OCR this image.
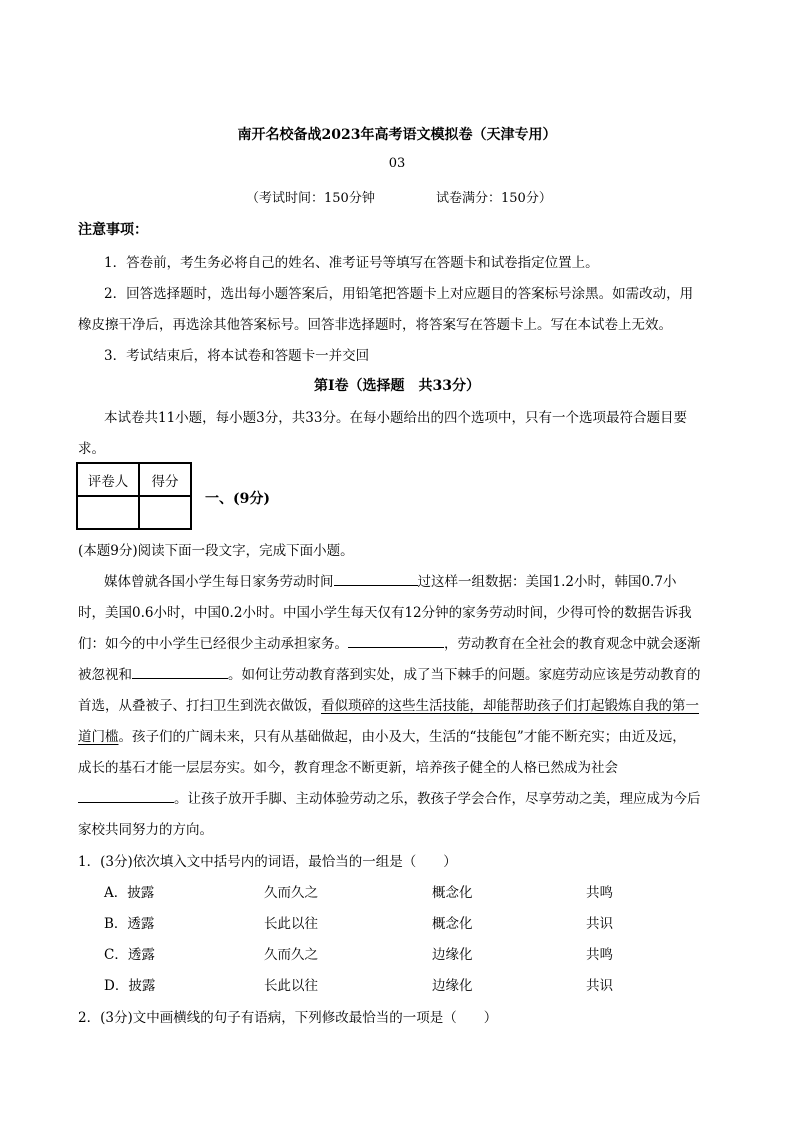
南开名校备战2023年高考语文模拟卷（天津专用）
03
（考试时间：150分钟	试卷满分：150分）
注意事项：
1．答卷前，考生务必将自己的姓名、准考证号等填写在答题卡和试卷指定位置上。
2．回答选择题时，选出每小题答案后，用铅笔把答题卡上对应题目的答案标号涂黑。如需改动，用
橡皮擦干净后，再选涂其他答案标号。回答非选择题时，将答案写在答题卡上。写在本试卷上无效。
3．考试结束后，将本试卷和答题卡一并交回
第Ⅰ卷（选择题　共33分）
本试卷共11小题，每小题3分，共33分。在每小题给出的四个选项中，只有一个选项最符合题目要
求。
评卷人	得分

一、(9分)
(本题9分)阅读下面一段文字，完成下面小题。
媒体曾就各国小学生每日家务劳动时间	过这样一组数据：美国1.2小时，韩国0.7小
时，美国0.6小时，中国0.2小时。中国小学生每天仅有12分钟的家务劳动时间，少得可怜的数据告诉我
们：如今的中小学生已经很少主动承担家务。	，劳动教育在全社会的教育观念中就会逐渐
被忽视和	。如何让劳动教育落到实处，成了当下棘手的问题。家庭劳动应该是劳动教育的
首选，从叠被子、打扫卫生到洗衣做饭，看似琐碎的这些生活技能，却能帮助孩子们打起锻炼自我的第一
道门槛。孩子们的广阔未来，只有从基础做起，由小及大，生活的“技能包”才能不断充实；由近及远，
成长的基石才能一层层夯实。如今，教育理念不断更新，培养孩子健全的人格已然成为社会
。让孩子放开手脚、主动体验劳动之乐，教孩子学会合作，尽享劳动之美，理应成为今后
家校共同努力的方向。
1．(3分)依次填入文中括号内的词语，最恰当的一组是（　　）
A．披露	久而久之	概念化	共鸣
B．透露	长此以往	概念化	共识
C．透露	久而久之	边缘化	共鸣
D．披露	长此以往	边缘化	共识
2．(3分)文中画横线的句子有语病，下列修改最恰当的一项是（　　）
